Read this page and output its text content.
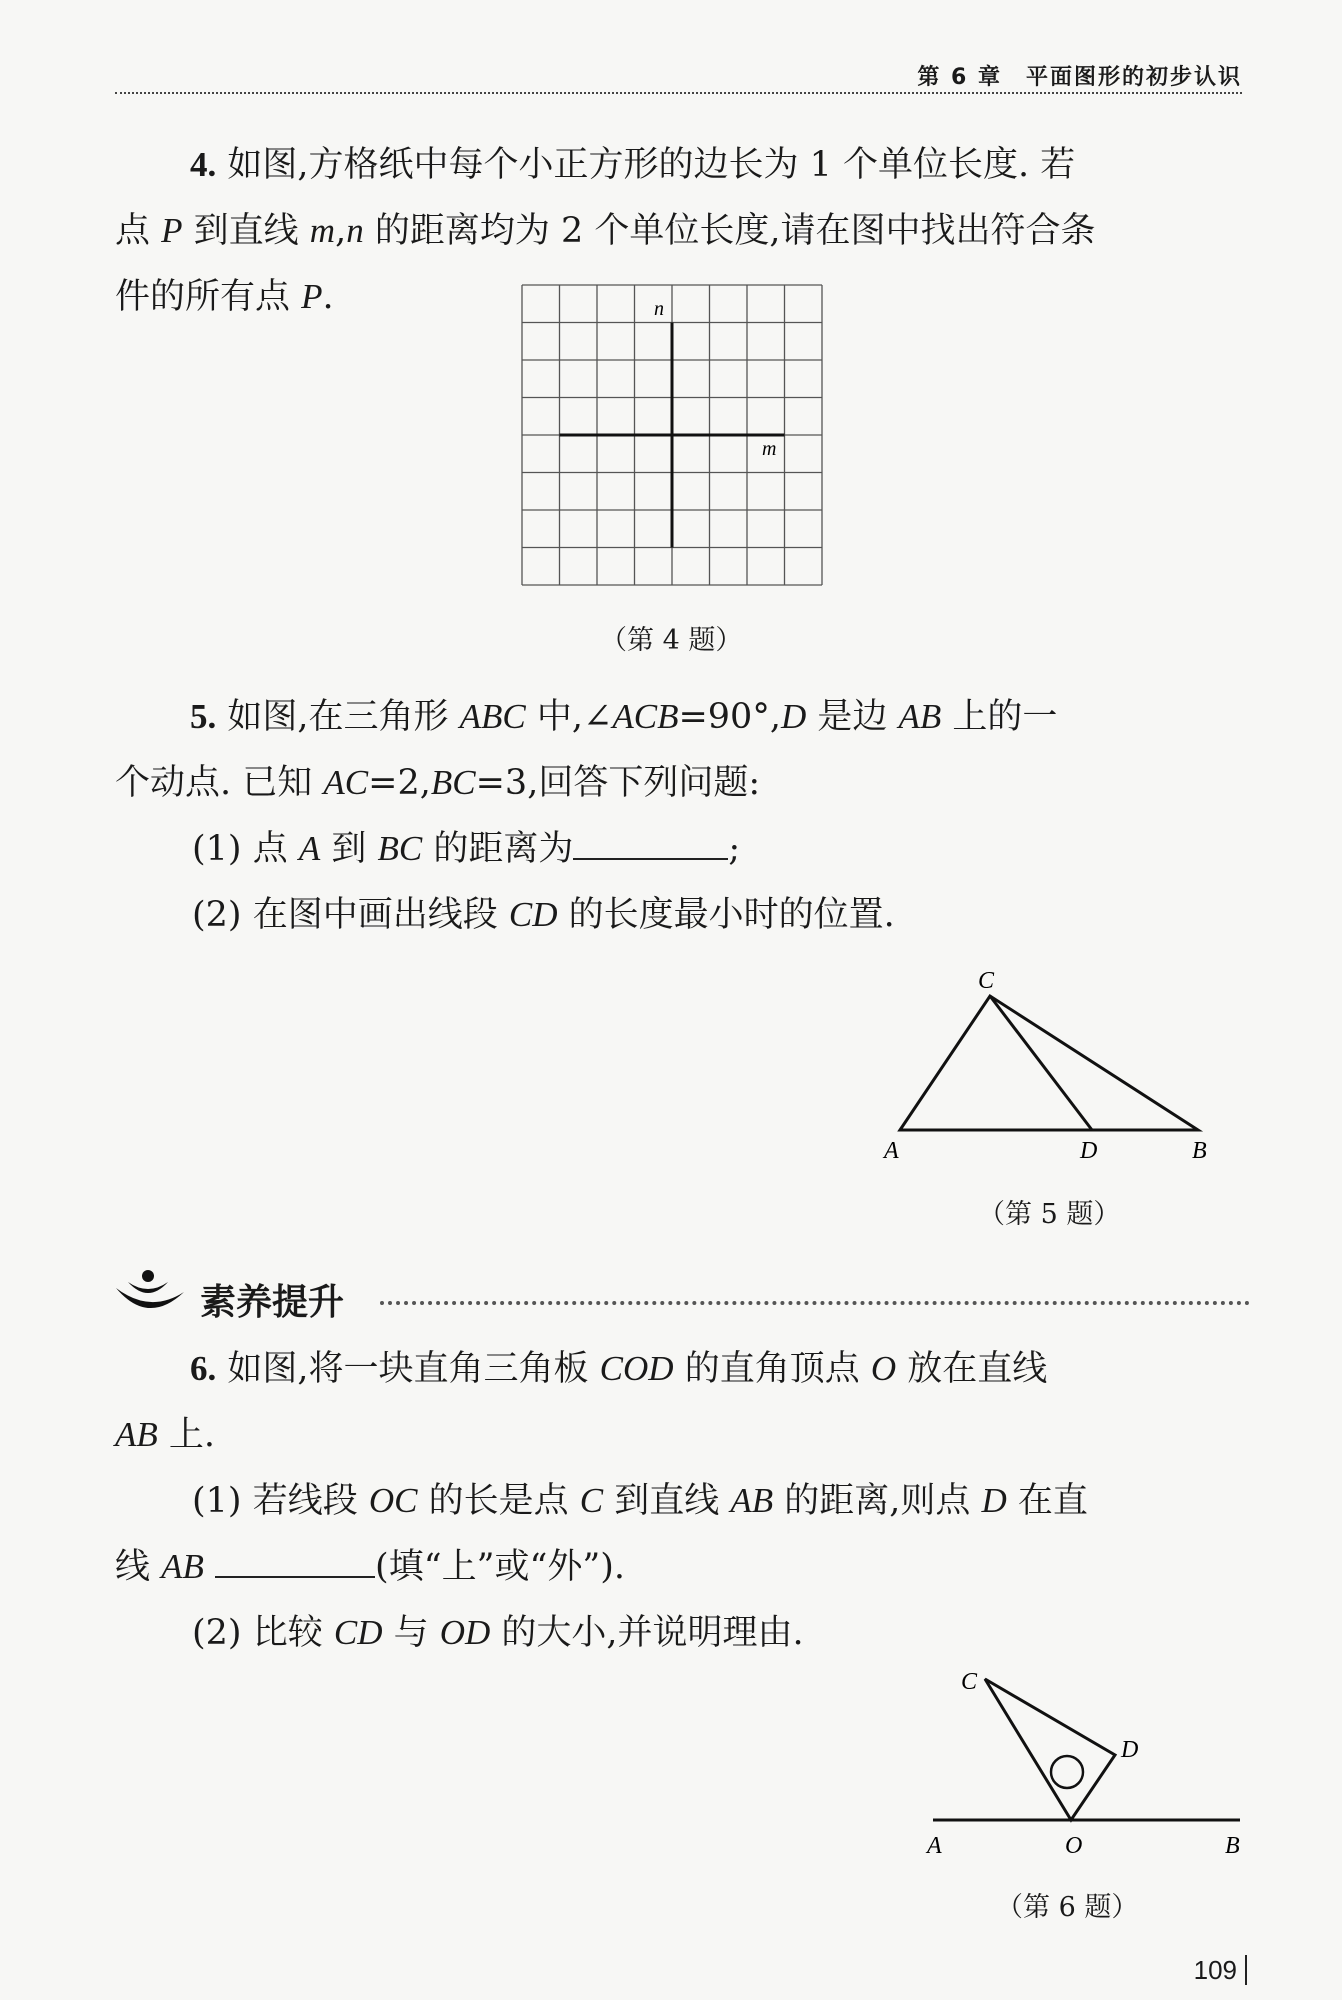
第 6 章　平面图形的初步认识

4. 如图,方格纸中每个小正方形的边长为 1 个单位长度. 若

点 P 到直线 m,n 的距离均为 2 个单位长度,请在图中找出符合条

件的所有点 P.	n
m
（第 4 题）

5. 如图,在三角形 ABC 中,∠ACB=90°,D 是边 AB 上的一

个动点. 已知 AC=2,BC=3,回答下列问题:

(1) 点 A 到 BC 的距离为	;

(2) 在图中画出线段 CD 的长度最小时的位置.

C
A	D	B
（第 5 题）
素养提升

6. 如图,将一块直角三角板 COD 的直角顶点 O 放在直线

AB 上.

(1) 若线段 OC 的长是点 C 到直线 AB 的距离,则点 D 在直

线 AB	(填“上”或“外”).

(2) 比较 CD 与 OD 的大小,并说明理由.

C
D
A	O	B
（第 6 题）
109
